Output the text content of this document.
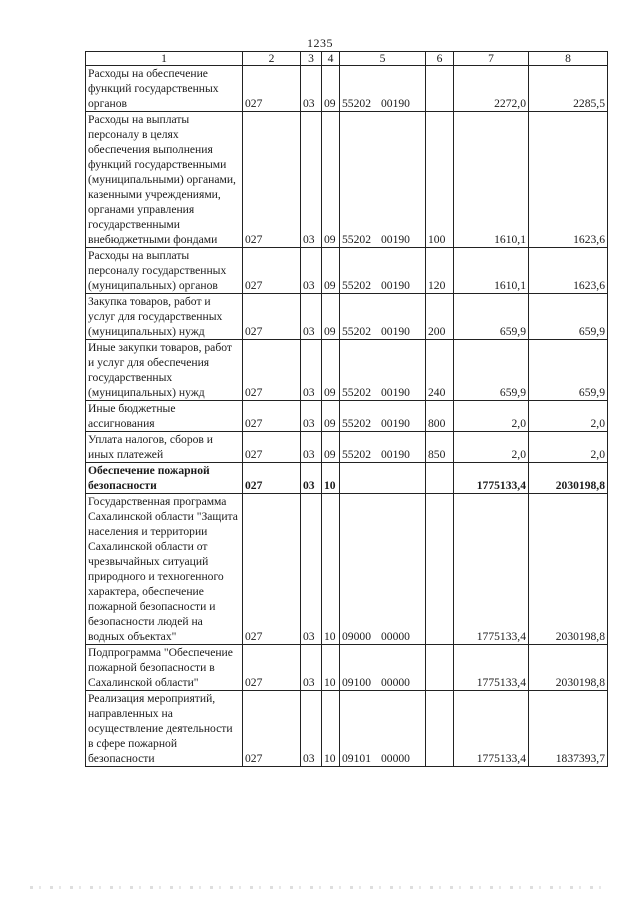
1235
1	2	3	4	5	6	7	8
Расходы на обеспечение функций государственных органов	027	03	09	55202 00190		2272,0	2285,5
Расходы на выплаты персоналу в целях обеспечения выполнения функций государственными (муниципальными) органами, казенными учреждениями, органами управления государственными внебюджетными фондами	027	03	09	55202 00190	100	1610,1	1623,6
Расходы на выплаты персоналу государственных (муниципальных) органов	027	03	09	55202 00190	120	1610,1	1623,6
Закупка товаров, работ и услуг для государственных (муниципальных) нужд	027	03	09	55202 00190	200	659,9	659,9
Иные закупки товаров, работ и услуг для обеспечения государственных (муниципальных) нужд	027	03	09	55202 00190	240	659,9	659,9
Иные бюджетные ассигнования	027	03	09	55202 00190	800	2,0	2,0
Уплата налогов, сборов и иных платежей	027	03	09	55202 00190	850	2,0	2,0
Обеспечение пожарной безопасности	027	03	10			1775133,4	2030198,8
Государственная программа Сахалинской области "Защита населения и территории Сахалинской области от чрезвычайных ситуаций природного и техногенного характера, обеспечение пожарной безопасности и безопасности людей на водных объектах"	027	03	10	09000 00000		1775133,4	2030198,8
Подпрограмма "Обеспечение пожарной безопасности в Сахалинской области"	027	03	10	09100 00000		1775133,4	2030198,8
Реализация мероприятий, направленных на осуществление деятельности в сфере пожарной безопасности	027	03	10	09101 00000		1775133,4	1837393,7
